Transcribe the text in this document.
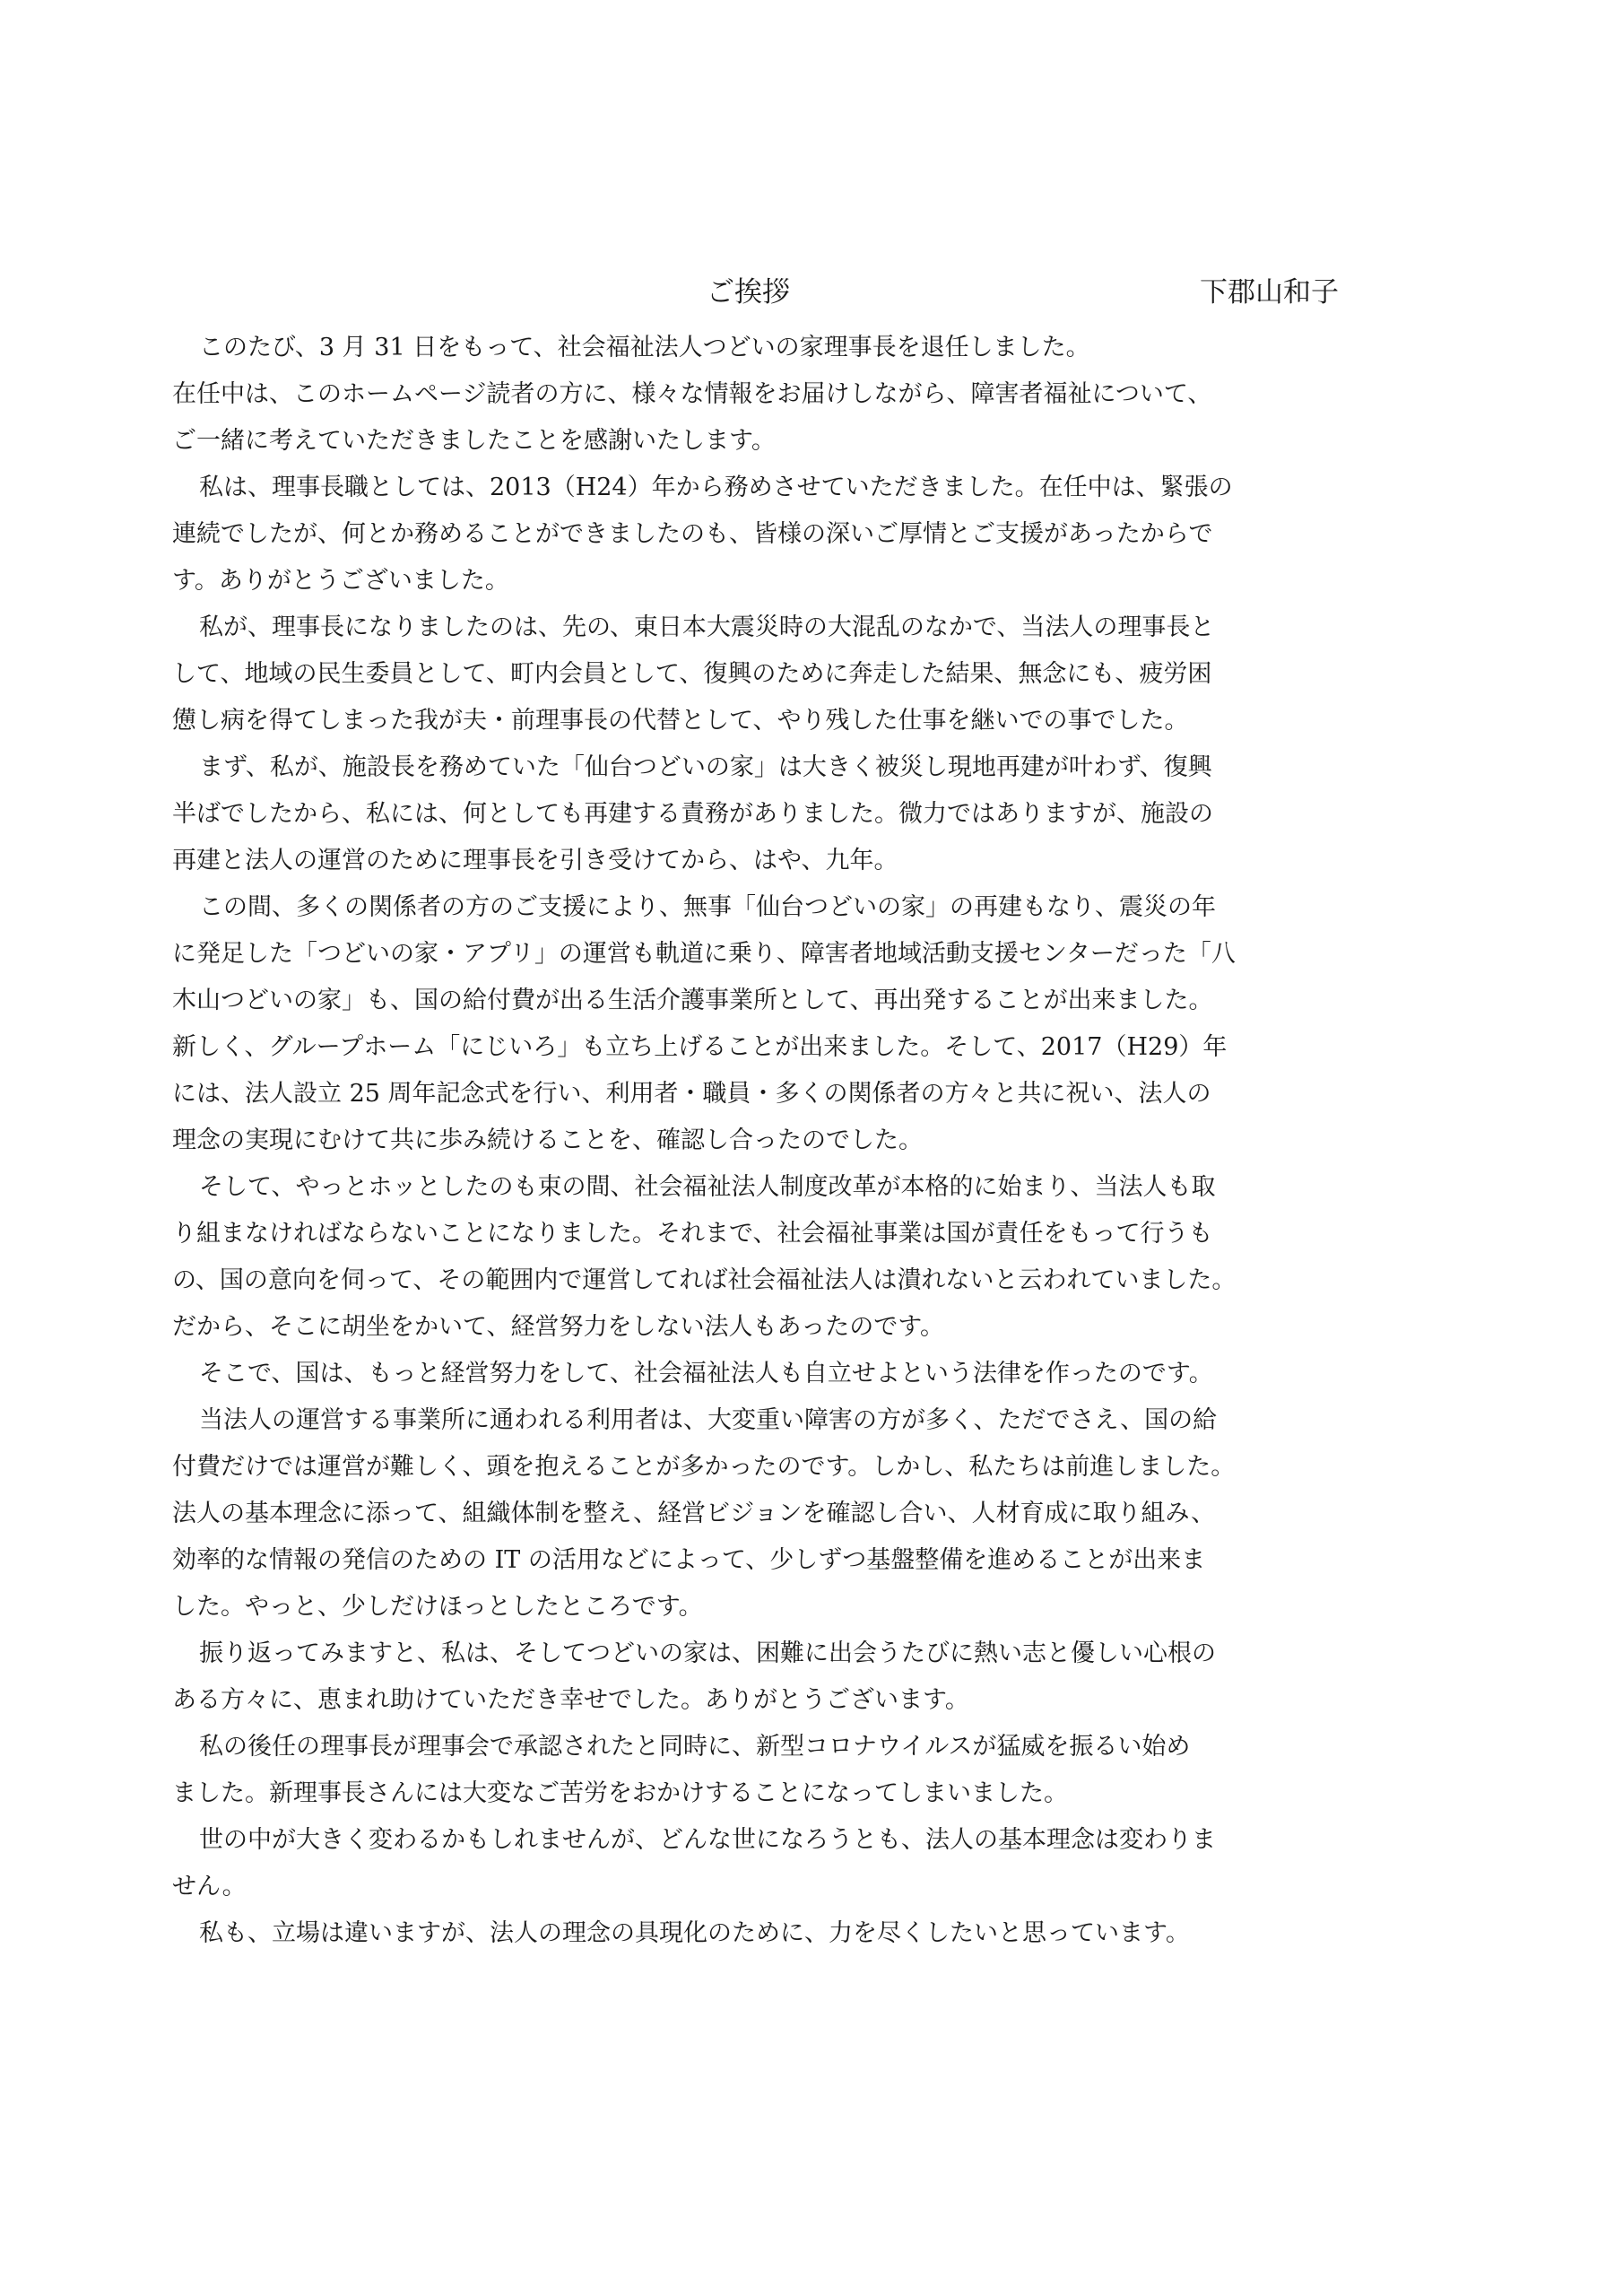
ご挨拶	下郡山和子
このたび、3 月 31 日をもって、社会福祉法人つどいの家理事長を退任しました。
在任中は、このホームページ読者の方に、様々な情報をお届けしながら、障害者福祉について、
ご一緒に考えていただきましたことを感謝いたします。
私は、理事長職としては、2013（H24）年から務めさせていただきました。在任中は、緊張の
連続でしたが、何とか務めることができましたのも、皆様の深いご厚情とご支援があったからで
す。ありがとうございました。
私が、理事長になりましたのは、先の、東日本大震災時の大混乱のなかで、当法人の理事長と
して、地域の民生委員として、町内会員として、復興のために奔走した結果、無念にも、疲労困
憊し病を得てしまった我が夫・前理事長の代替として、やり残した仕事を継いでの事でした。
まず、私が、施設長を務めていた「仙台つどいの家」は大きく被災し現地再建が叶わず、復興
半ばでしたから、私には、何としても再建する責務がありました。微力ではありますが、施設の
再建と法人の運営のために理事長を引き受けてから、はや、九年。
この間、多くの関係者の方のご支援により、無事「仙台つどいの家」の再建もなり、震災の年
に発足した「つどいの家・アプリ」の運営も軌道に乗り、障害者地域活動支援センターだった「八
木山つどいの家」も、国の給付費が出る生活介護事業所として、再出発することが出来ました。
新しく、グループホーム「にじいろ」も立ち上げることが出来ました。そして、2017（H29）年
には、法人設立 25 周年記念式を行い、利用者・職員・多くの関係者の方々と共に祝い、法人の
理念の実現にむけて共に歩み続けることを、確認し合ったのでした。
そして、やっとホッとしたのも束の間、社会福祉法人制度改革が本格的に始まり、当法人も取
り組まなければならないことになりました。それまで、社会福祉事業は国が責任をもって行うも
の、国の意向を伺って、その範囲内で運営してれば社会福祉法人は潰れないと云われていました。
だから、そこに胡坐をかいて、経営努力をしない法人もあったのです。
そこで、国は、もっと経営努力をして、社会福祉法人も自立せよという法律を作ったのです。
当法人の運営する事業所に通われる利用者は、大変重い障害の方が多く、ただでさえ、国の給
付費だけでは運営が難しく、頭を抱えることが多かったのです。しかし、私たちは前進しました。
法人の基本理念に添って、組織体制を整え、経営ビジョンを確認し合い、人材育成に取り組み、
効率的な情報の発信のための IT の活用などによって、少しずつ基盤整備を進めることが出来ま
した。やっと、少しだけほっとしたところです。
振り返ってみますと、私は、そしてつどいの家は、困難に出会うたびに熱い志と優しい心根の
ある方々に、恵まれ助けていただき幸せでした。ありがとうございます。
私の後任の理事長が理事会で承認されたと同時に、新型コロナウイルスが猛威を振るい始め
ました。新理事長さんには大変なご苦労をおかけすることになってしまいました。
世の中が大きく変わるかもしれませんが、どんな世になろうとも、法人の基本理念は変わりま
せん。
私も、立場は違いますが、法人の理念の具現化のために、力を尽くしたいと思っています。
